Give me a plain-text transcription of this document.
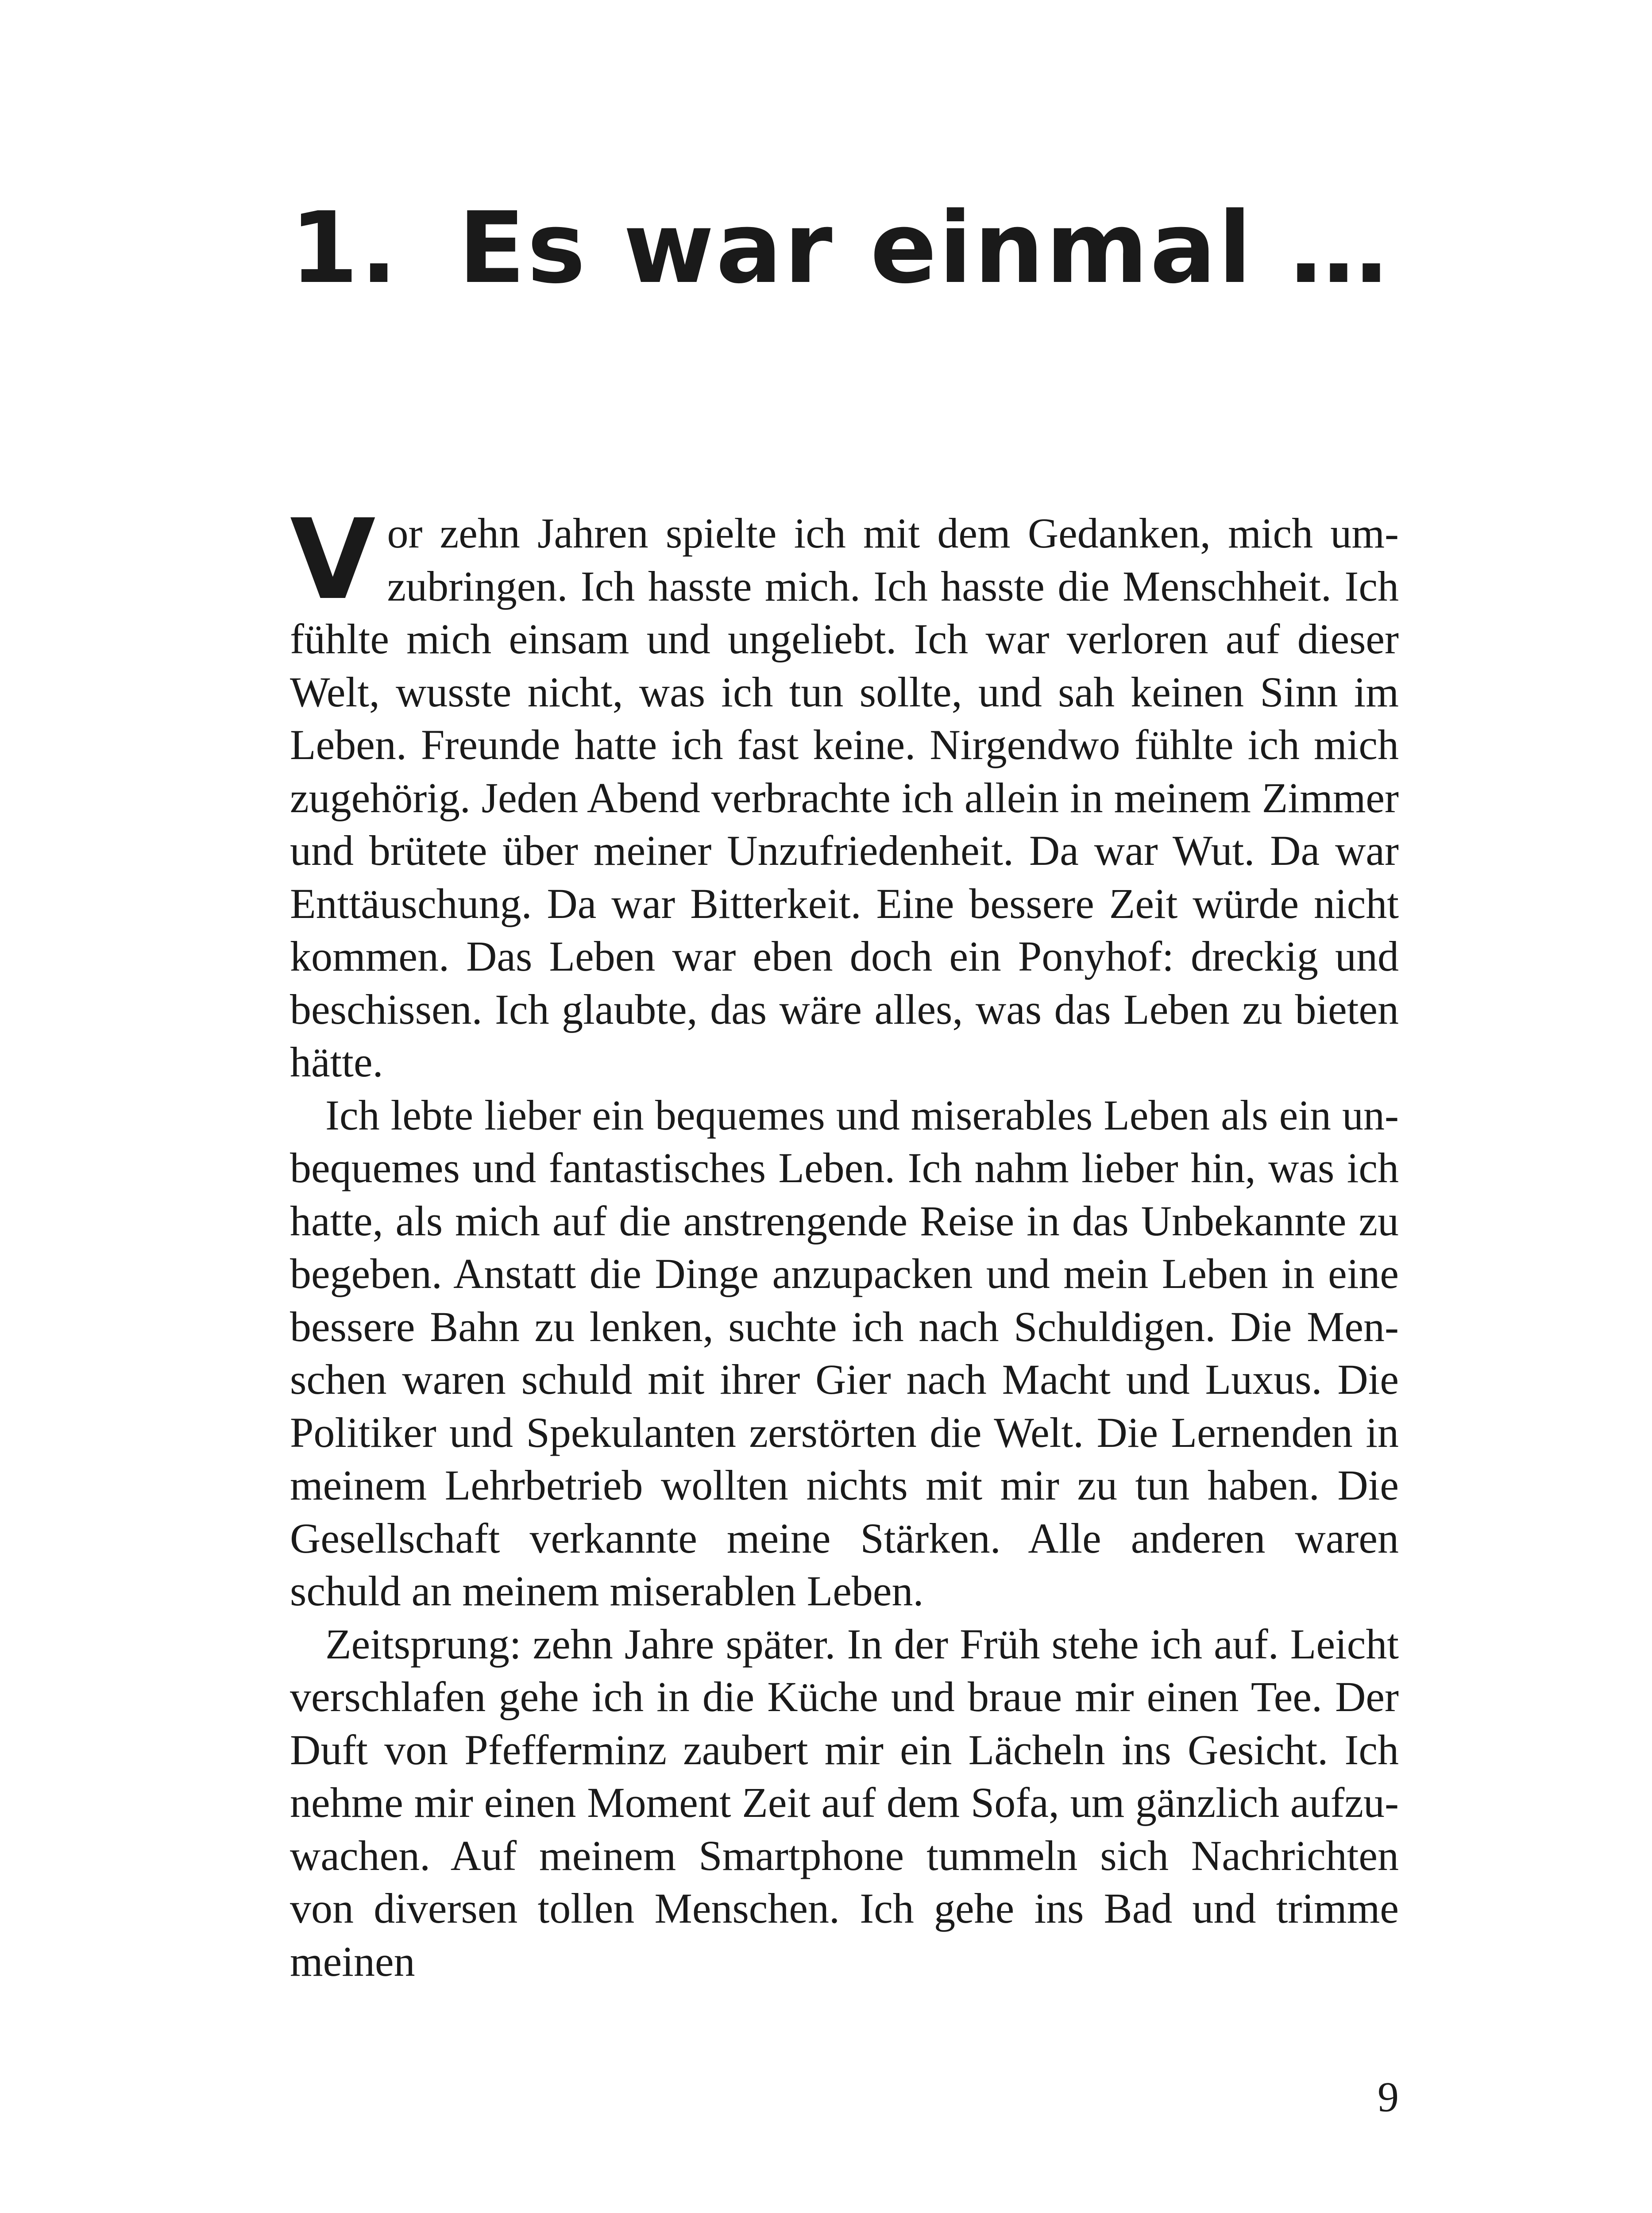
1. Es war einmal …

Vor zehn Jahren spielte ich mit dem Gedanken, mich umzubringen. Ich hasste mich. Ich hasste die Menschheit. Ich fühlte mich einsam und ungeliebt. Ich war verloren auf dieser Welt, wusste nicht, was ich tun sollte, und sah keinen Sinn im Leben. Freunde hatte ich fast keine. Nirgendwo fühlte ich mich zugehörig. Jeden Abend verbrachte ich allein in meinem Zimmer und brütete über meiner Unzufriedenheit. Da war Wut. Da war Enttäuschung. Da war Bitterkeit. Eine bessere Zeit würde nicht kommen. Das Leben war eben doch ein Ponyhof: dreckig und beschissen. Ich glaubte, das wäre alles, was das Leben zu bieten hätte.

Ich lebte lieber ein bequemes und miserables Leben als ein unbequemes und fantastisches Leben. Ich nahm lieber hin, was ich hatte, als mich auf die anstrengende Reise in das Unbekannte zu begeben. Anstatt die Dinge anzupacken und mein Leben in eine bessere Bahn zu lenken, suchte ich nach Schuldigen. Die Menschen waren schuld mit ihrer Gier nach Macht und Luxus. Die Politiker und Spekulanten zerstörten die Welt. Die Lernenden in meinem Lehrbetrieb wollten nichts mit mir zu tun haben. Die Gesellschaft verkannte meine Stärken. Alle anderen waren schuld an meinem miserablen Leben.

Zeitsprung: zehn Jahre später. In der Früh stehe ich auf. Leicht verschlafen gehe ich in die Küche und braue mir einen Tee. Der Duft von Pfefferminz zaubert mir ein Lächeln ins Gesicht. Ich nehme mir einen Moment Zeit auf dem Sofa, um gänzlich aufzuwachen. Auf meinem Smartphone tummeln sich Nachrichten von diversen tollen Menschen. Ich gehe ins Bad und trimme meinen

9
